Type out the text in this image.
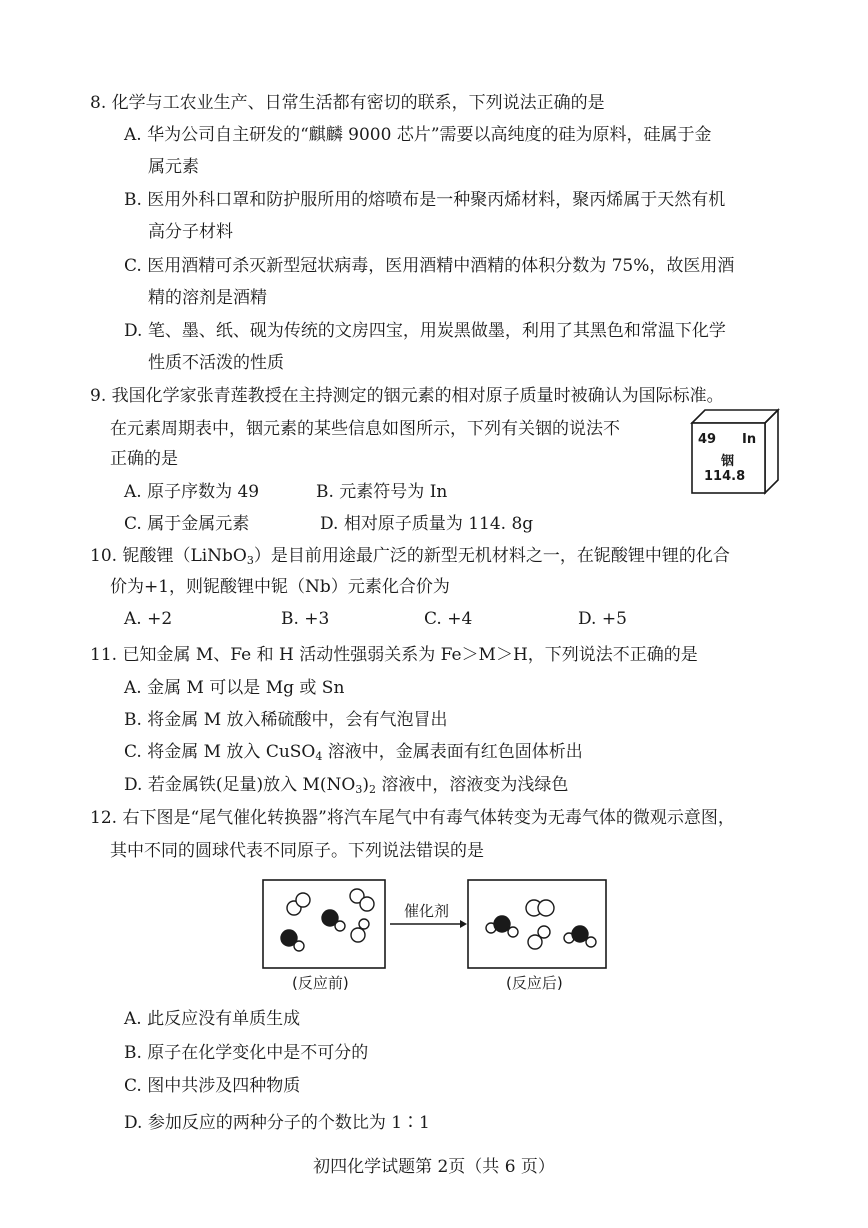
8. 化学与工农业生产、日常生活都有密切的联系，下列说法正确的是
A. 华为公司自主研发的“麒麟 9000 芯片”需要以高纯度的硅为原料，硅属于金
属元素
B. 医用外科口罩和防护服所用的熔喷布是一种聚丙烯材料，聚丙烯属于天然有机
高分子材料
C. 医用酒精可杀灭新型冠状病毒，医用酒精中酒精的体积分数为 75%，故医用酒
精的溶剂是酒精
D. 笔、墨、纸、砚为传统的文房四宝，用炭黑做墨，利用了其黑色和常温下化学
性质不活泼的性质
9. 我国化学家张青莲教授在主持测定的铟元素的相对原子质量时被确认为国际标准。
在元素周期表中，铟元素的某些信息如图所示，下列有关铟的说法不
正确的是
49 In
铟
114.8
A. 原子序数为 49	B. 元素符号为 In
C. 属于金属元素	D. 相对原子质量为 114. 8g
10. 铌酸锂（LiNbO$_3$）是目前用途最广泛的新型无机材料之一，在铌酸锂中锂的化合
价为+1，则铌酸锂中铌（Nb）元素化合价为
A. +2	B. +3	C. +4	D. +5
11. 已知金属 M、Fe 和 H 活动性强弱关系为 Fe＞M＞H，下列说法不正确的是
A. 金属 M 可以是 Mg 或 Sn
B. 将金属 M 放入稀硫酸中，会有气泡冒出
C. 将金属 M 放入 CuSO$_4$ 溶液中，金属表面有红色固体析出
D. 若金属铁(足量)放入 $M(NO_3)_2$ 溶液中，溶液变为浅绿色
12. 右下图是“尾气催化转换器”将汽车尾气中有毒气体转变为无毒气体的微观示意图，
其中不同的圆球代表不同原子。下列说法错误的是
催化剂
(反应前)	(反应后)
A. 此反应没有单质生成
B. 原子在化学变化中是不可分的
C. 图中共涉及四种物质
D. 参加反应的两种分子的个数比为 1∶1
初四化学试题第 2页（共 6 页）
